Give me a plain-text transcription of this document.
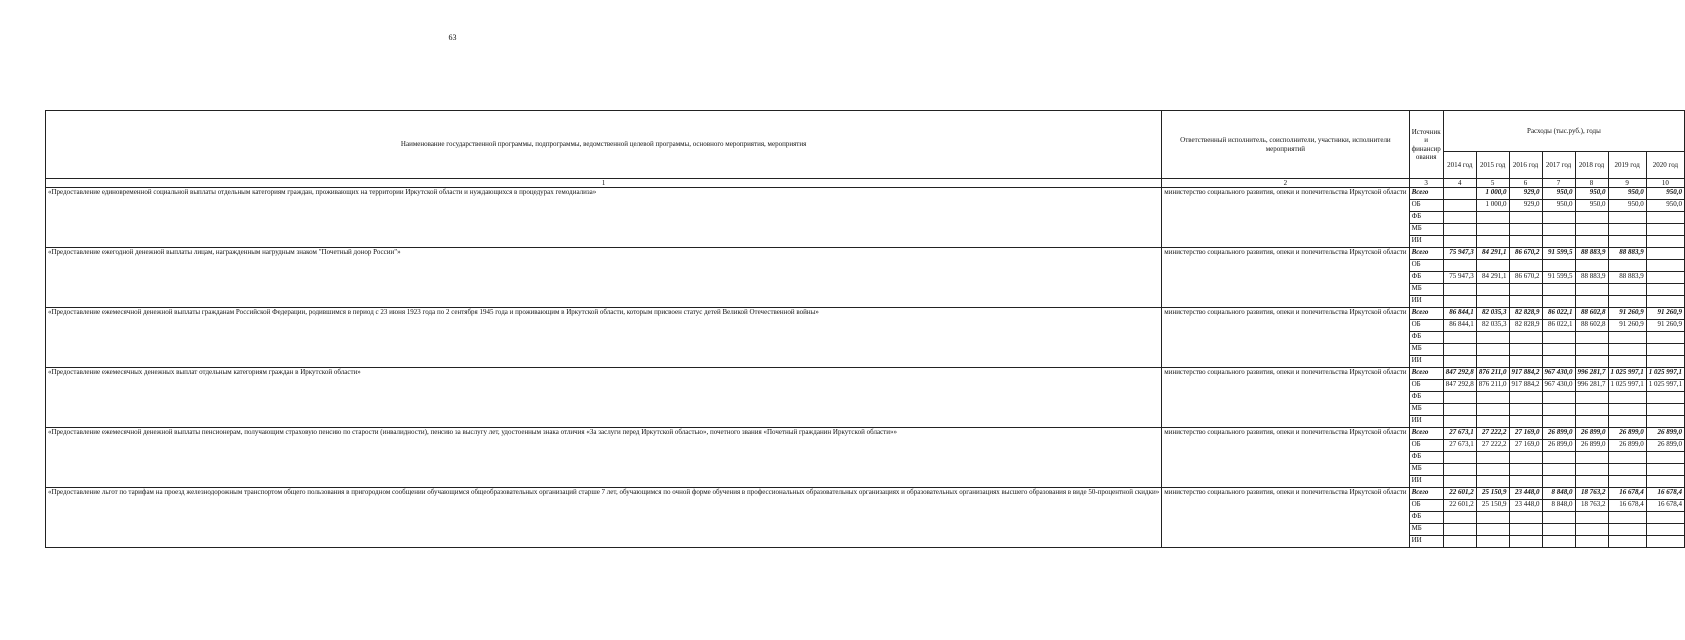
63
Наименование государственной программы, подпрограммы, ведомственной целевой программы, основного мероприятия, мероприятия	Ответственный исполнитель, соисполнители, участники, исполнители мероприятий	Источник и финансир ования	Расходы (тыс.руб.), годы						
			2014 год	2015 год	2016 год	2017 год	2018 год	2019 год	2020 год
1	2	3	4	5	6	7	8	9	10
«Предоставление единовременной социальной выплаты отдельным категориям граждан, проживающих на территории Иркутской области и нуждающихся в процедурах гемодиализа»	министерство социального развития, опеки и попечительства Иркутской области	Всего		1 000,0	929,0	950,0	950,0	950,0	950,0
		ОБ		1 000,0	929,0	950,0	950,0	950,0	950,0
		ФБ							
		МБ							
		ИИ							
«Предоставление ежегодной денежной выплаты лицам, награжденным нагрудным знаком "Почетный донор России"»	министерство социального развития, опеки и попечительства Иркутской области	Всего	75 947,3	84 291,1	86 670,2	91 599,5	88 883,9	88 883,9	
		ОБ							
		ФБ	75 947,3	84 291,1	86 670,2	91 599,5	88 883,9	88 883,9	
		МБ							
		ИИ							
«Предоставление ежемесячной денежной выплаты гражданам Российской Федерации, родившимся в период с 23 июня 1923 года по 2 сентября 1945 года и проживающим в Иркутской области, которым присвоен статус детей Великой Отечественной войны»	министерство социального развития, опеки и попечительства Иркутской области	Всего	86 844,1	82 035,3	82 828,9	86 022,1	88 602,8	91 260,9	91 260,9
		ОБ	86 844,1	82 035,3	82 828,9	86 022,1	88 602,8	91 260,9	91 260,9
		ФБ							
		МБ							
		ИИ							
«Предоставление ежемесячных денежных выплат отдельным категориям граждан в Иркутской области»	министерство социального развития, опеки и попечительства Иркутской области	Всего	847 292,8	876 211,0	917 884,2	967 430,0	996 281,7	1 025 997,1	1 025 997,1
		ОБ	847 292,8	876 211,0	917 884,2	967 430,0	996 281,7	1 025 997,1	1 025 997,1
		ФБ							
		МБ							
		ИИ							
«Предоставление ежемесячной денежной выплаты пенсионерам, получающим страховую пенсию по старости (инвалидности), пенсию за выслугу лет, удостоенным знака отличия «За заслуги перед Иркутской областью», почетного звания «Почетный гражданин Иркутской области»»	министерство социального развития, опеки и попечительства Иркутской области	Всего	27 673,1	27 222,2	27 169,0	26 899,0	26 899,0	26 899,0	26 899,0
		ОБ	27 673,1	27 222,2	27 169,0	26 899,0	26 899,0	26 899,0	26 899,0
		ФБ							
		МБ							
		ИИ							
«Предоставление льгот по тарифам на проезд железнодорожным транспортом общего пользования в пригородном сообщении обучающимся общеобразовательных организаций старше 7 лет, обучающимся по очной форме обучения в профессиональных образовательных организациях и образовательных организациях высшего образования в виде 50-процентной скидки»	министерство социального развития, опеки и попечительства Иркутской области	Всего	22 601,2	25 150,9	23 448,0	8 848,0	18 763,2	16 678,4	16 678,4
		ОБ	22 601,2	25 150,9	23 448,0	8 848,0	18 763,2	16 678,4	16 678,4
		ФБ							
		МБ							
		ИИ							
